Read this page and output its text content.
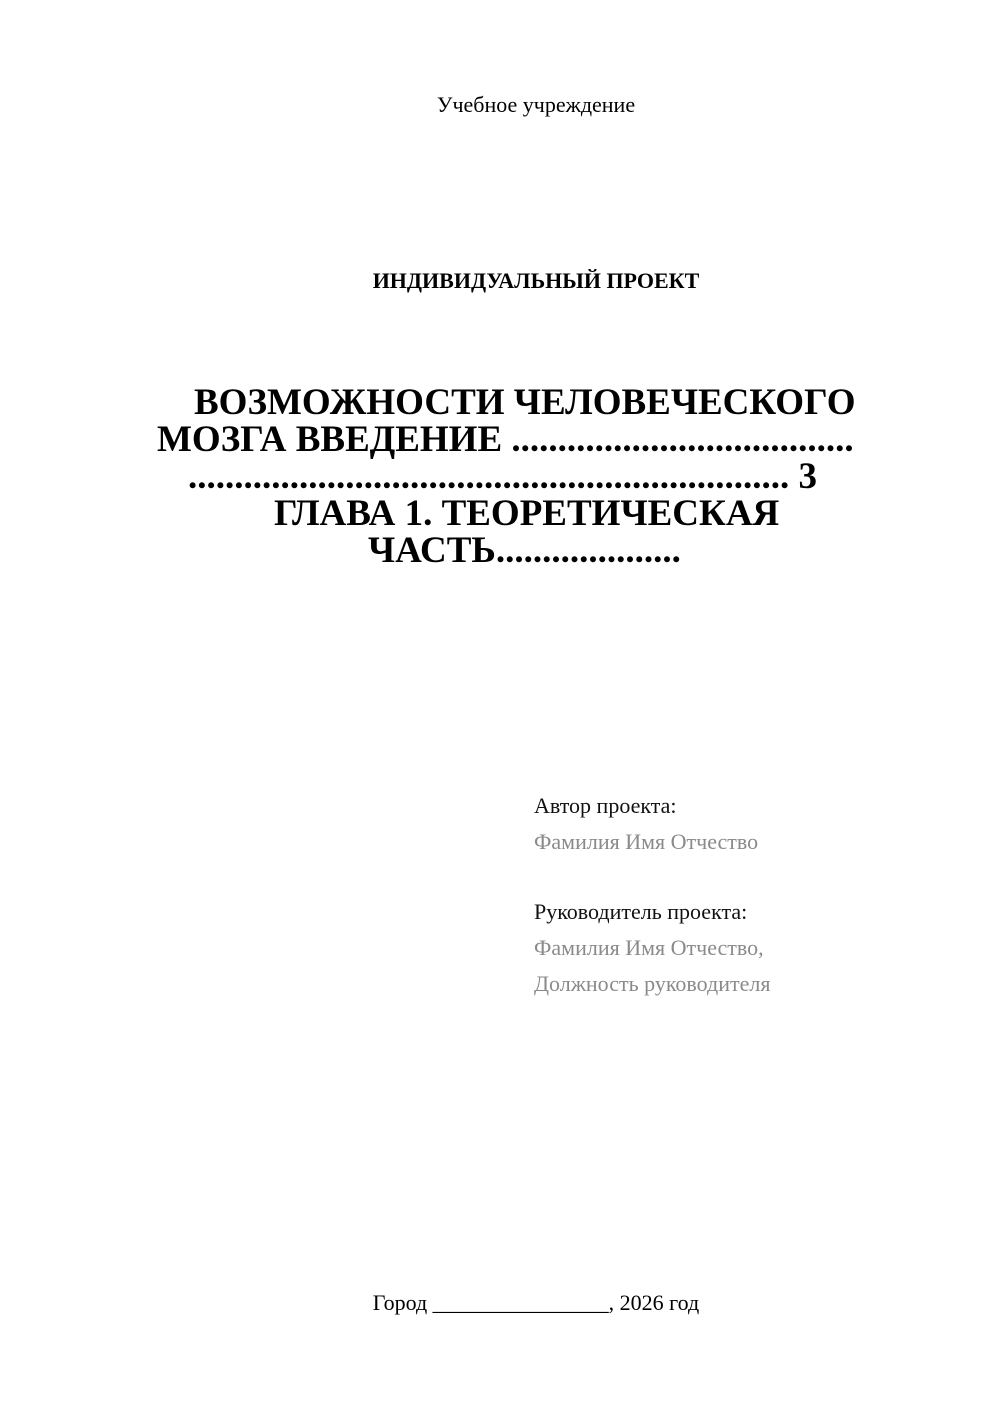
Учебное учреждение
ИНДИВИДУАЛЬНЫЙ ПРОЕКТ
ВОЗМОЖНОСТИ ЧЕЛОВЕЧЕСКОГО
МОЗГА ВВЕДЕНИЕ .....................................
................................................................. 3
ГЛАВА 1. ТЕОРЕТИЧЕСКАЯ
ЧАСТЬ....................
Автор проекта:
Фамилия Имя Отчество
Руководитель проекта:
Фамилия Имя Отчество,
Должность руководителя
Город ________________, 2026 год
